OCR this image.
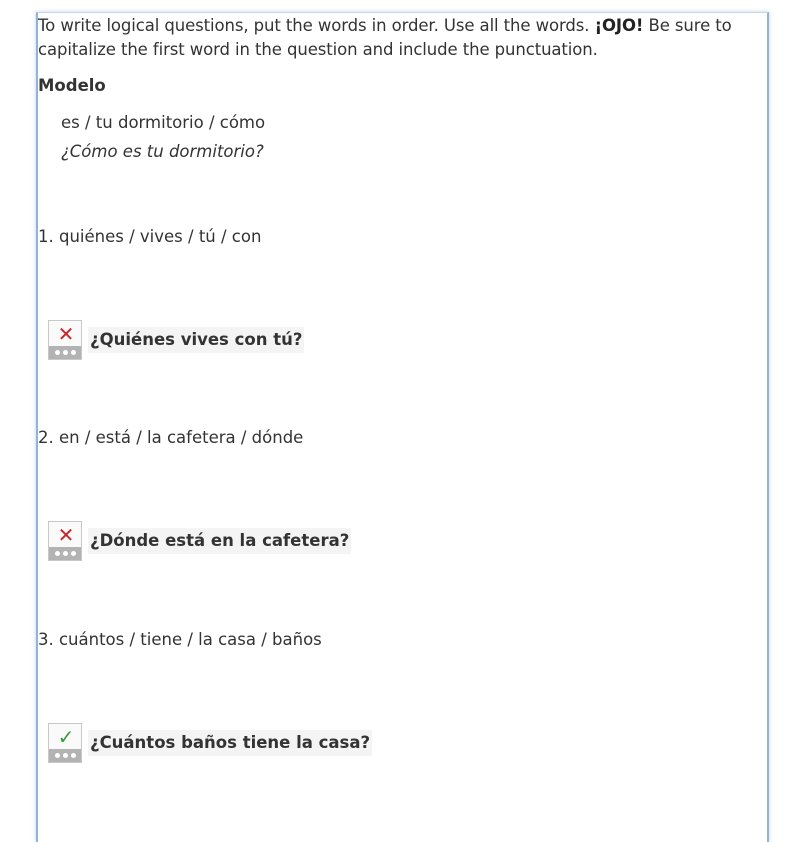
To write logical questions, put the words in order. Use all the words. ¡OJO! Be sure to capitalize the first word in the question and include the punctuation.

Modelo

es / tu dormitorio / cómo

¿Cómo es tu dormitorio?

1. quiénes / vives / tú / con

✕ ¿Quiénes vives con tú?

2. en / está / la cafetera / dónde

✕ ¿Dónde está en la cafetera?

3. cuántos / tiene / la casa / baños

✓ ¿Cuántos baños tiene la casa?
